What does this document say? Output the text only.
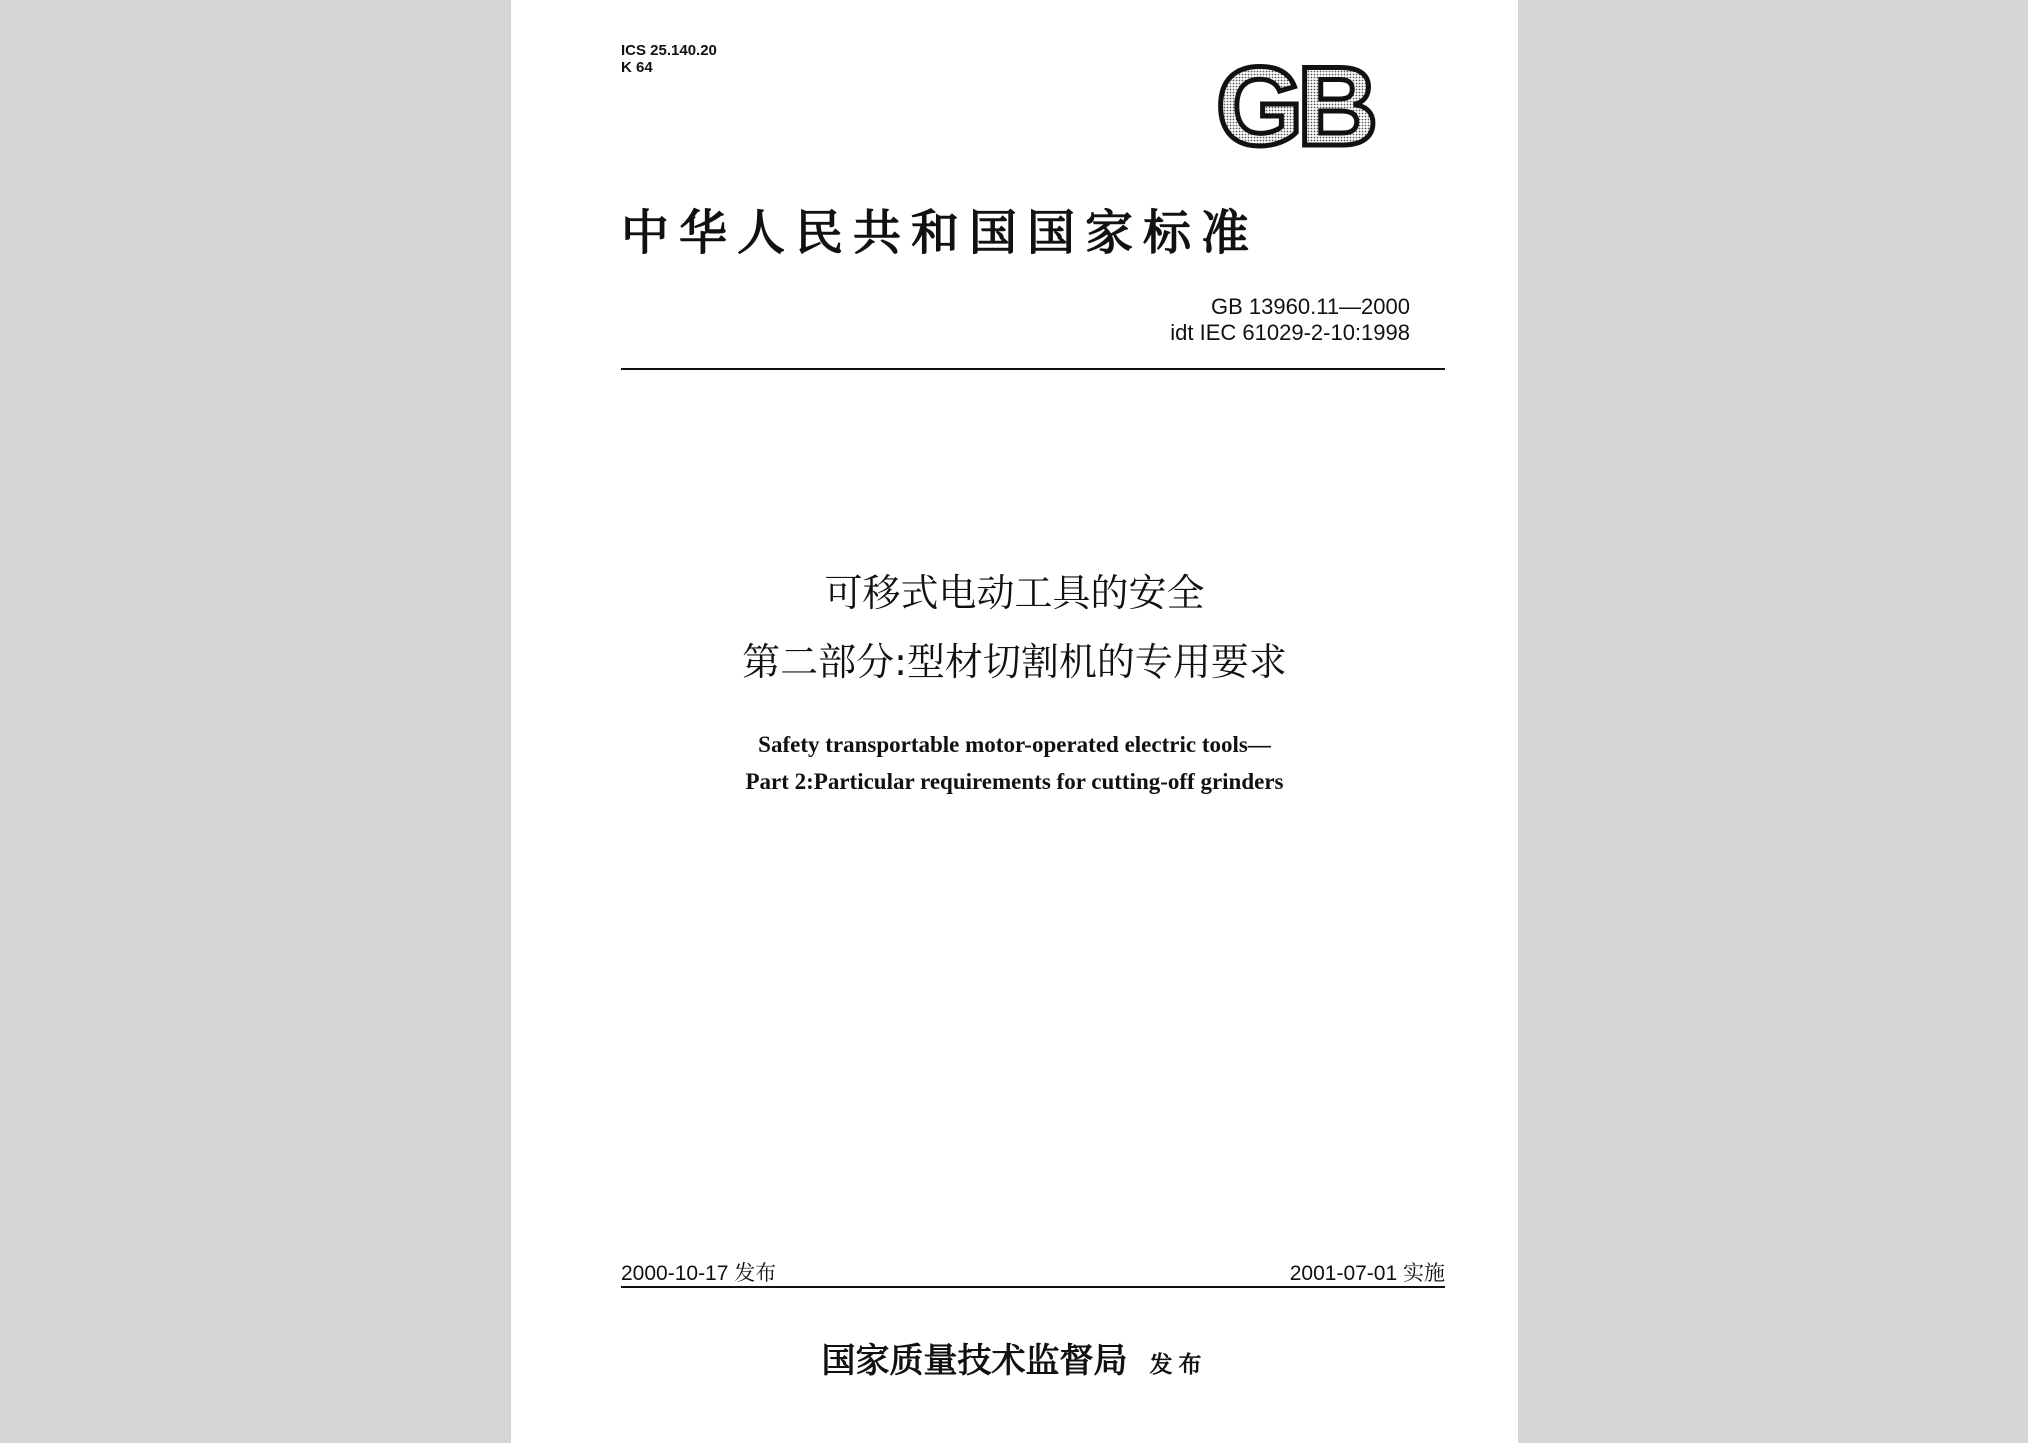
ICS 25.140.20
K 64	GB
中华人民共和国国家标准
GB 13960.11—2000
idt IEC 61029-2-10:1998
可移式电动工具的安全
第二部分:型材切割机的专用要求
Safety transportable motor-operated electric tools—
Part 2:Particular requirements for cutting-off grinders
2000-10-17 发布	2001-07-01 实施
国家质量技术监督局 发布
